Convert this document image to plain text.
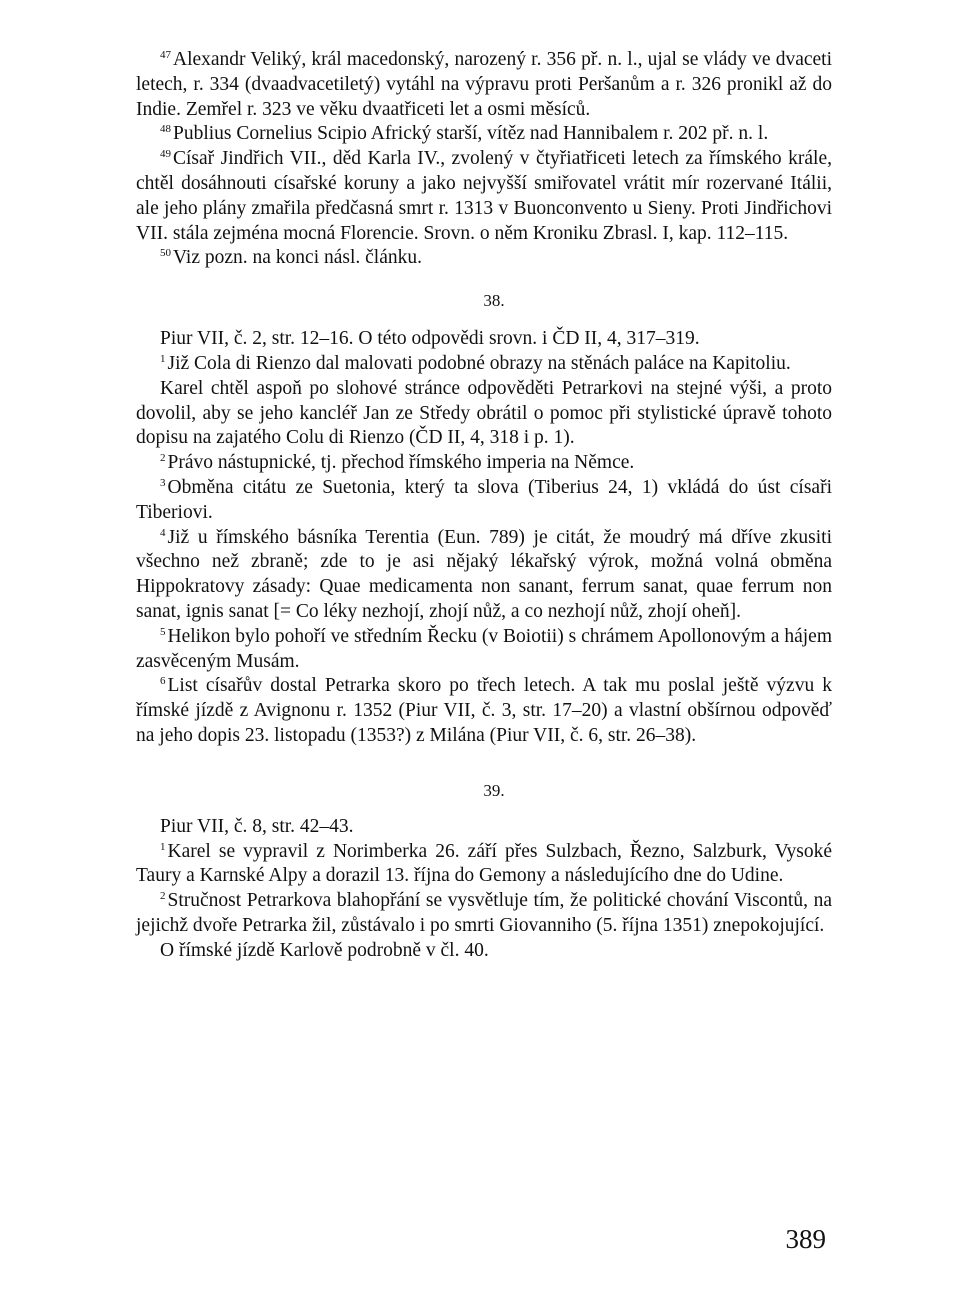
$^{47}$ Alexandr Veliký, král macedonský, narozený r. 356 př. n. l., ujal se vlády ve dvaceti letech, r. 334 (dvaadvacetiletý) vytáhl na výpravu proti Peršanům a r. 326 pronikl až do Indie. Zemřel r. 323 ve věku dvaatřiceti let a osmi měsíců.

$^{48}$ Publius Cornelius Scipio Africký starší, vítěz nad Hannibalem r. 202 př. n. l.

$^{49}$ Císař Jindřich VII., děd Karla IV., zvolený v čtyřiatřiceti letech za římského krále, chtěl dosáhnouti císařské koruny a jako nejvyšší smiřovatel vrátit mír rozervané Itálii, ale jeho plány zmařila předčasná smrt r. 1313 v Buonconvento u Sieny. Proti Jindřichovi VII. stála zejména mocná Florencie. Srovn. o něm Kroniku Zbrasl. I, kap. 112–115.

$^{50}$ Viz pozn. na konci násl. článku.

38.

Piur VII, č. 2, str. 12–16. O této odpovědi srovn. i ČD II, 4, 317–319.

$^1$ Již Cola di Rienzo dal malovati podobné obrazy na stěnách paláce na Kapitoliu.

Karel chtěl aspoň po slohové stránce odpověděti Petrarkovi na stejné výši, a proto dovolil, aby se jeho kancléř Jan ze Středy obrátil o pomoc při stylistické úpravě tohoto dopisu na zajatého Colu di Rienzo (ČD II, 4, 318 i p. 1).

$^2$ Právo nástupnické, tj. přechod římského imperia na Němce.

$^3$ Obměna citátu ze Suetonia, který ta slova (Tiberius 24, 1) vkládá do úst císaři Tiberiovi.

$^4$ Již u římského básníka Terentia (Eun. 789) je citát, že moudrý má dříve zkusiti všechno než zbraně; zde to je asi nějaký lékařský výrok, možná volná obměna Hippokratovy zásady: Quae medicamenta non sanant, ferrum sanat, quae ferrum non sanat, ignis sanat [= Co léky nezhojí, zhojí nůž, a co nezhojí nůž, zhojí oheň].

$^5$ Helikon bylo pohoří ve středním Řecku (v Boiotii) s chrámem Apollonovým a hájem zasvěceným Musám.

$^6$ List císařův dostal Petrarka skoro po třech letech. A tak mu poslal ještě výzvu k římské jízdě z Avignonu r. 1352 (Piur VII, č. 3, str. 17–20) a vlastní obšírnou odpověď na jeho dopis 23. listopadu (1353?) z Milána (Piur VII, č. 6, str. 26–38).

39.

Piur VII, č. 8, str. 42–43.

$^1$ Karel se vypravil z Norimberka 26. září přes Sulzbach, Řezno, Salzburk, Vysoké Taury a Karnské Alpy a dorazil 13. října do Gemony a následujícího dne do Udine.

$^2$ Stručnost Petrarkova blahopřání se vysvětluje tím, že politické chování Viscontů, na jejichž dvoře Petrarka žil, zůstávalo i po smrti Giovanniho (5. října 1351) znepokojující.

O římské jízdě Karlově podrobně v čl. 40.

389
